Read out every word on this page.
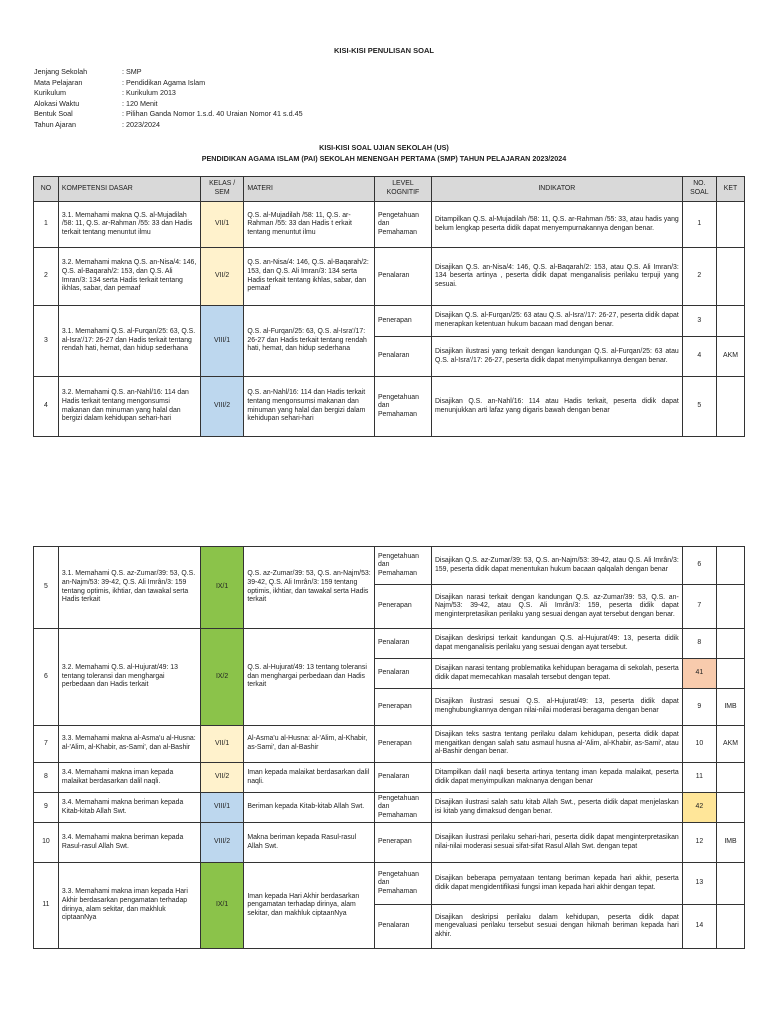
KISI-KISI PENULISAN SOAL
Jenjang Sekolah	: SMP
Mata Pelajaran	: Pendidikan Agama Islam
Kurikulum	: Kurikulum 2013
Alokasi Waktu	: 120 Menit
Bentuk Soal	: Pilihan Ganda Nomor 1.s.d. 40 Uraian Nomor 41 s.d.45
Tahun Ajaran	: 2023/2024
KISI-KISI SOAL UJIAN SEKOLAH (US)
PENDIDIKAN AGAMA ISLAM (PAI) SEKOLAH MENENGAH PERTAMA (SMP) TAHUN PELAJARAN 2023/2024
NO	KOMPETENSI DASAR	KELAS / SEM	MATERI	LEVEL KOGNITIF	INDIKATOR	NO. SOAL	KET
1	3.1. Memahami makna Q.S. al-Mujadilah /58: 11, Q.S. ar-Rahman /55: 33 dan Hadis terkait tentang menuntut ilmu	VII/1	Q.S. al-Mujadilah /58: 11, Q.S. ar-Rahman /55: 33 dan Hadis t erkait tentang menuntut ilmu	Pengetahuan dan Pemahaman	Ditampilkan Q.S. al-Mujadilah /58: 11, Q.S. ar-Rahman /55: 33, atau hadis yang belum lengkap peserta didik dapat menyempurnakannya dengan benar.	1	
2	3.2. Memahami makna Q.S. an-Nisa/4: 146, Q.S. al-Baqarah/2: 153, dan Q.S. Ali Imran/3: 134 serta Hadis terkait tentang ikhlas, sabar, dan pemaaf	VII/2	Q.S. an-Nisa/4: 146, Q.S. al-Baqarah/2: 153, dan Q.S. Ali Imran/3: 134 serta Hadis terkait tentang ikhlas, sabar, dan pemaaf	Penalaran	Disajikan Q.S. an-Nisa/4: 146, Q.S. al-Baqarah/2: 153, atau Q.S. Ali Imran/3: 134 beserta artinya , peserta didik dapat menganalisis perilaku terpuji yang sesuai.	2	
3	3.1. Memahami Q.S. al-Furqan/25: 63, Q.S. al-Isra'/17: 26-27 dan Hadis terkait tentang rendah hati, hemat, dan hidup sederhana	VIII/1	Q.S. al-Furqan/25: 63, Q.S. al-Isra'/17: 26-27 dan Hadis terkait tentang rendah hati, hemat, dan hidup sederhana	Penerapan	Disajikan Q.S. al-Furqan/25: 63 atau Q.S. al-Isra'/17: 26-27, peserta didik dapat menerapkan ketentuan hukum bacaan mad dengan benar.	3	
				Penalaran	Disajikan ilustrasi yang terkait dengan kandungan Q.S. al-Furqan/25: 63 atau Q.S. al-Isra'/17: 26-27, peserta didik dapat menyimpulkannya dengan benar.	4	AKM
4	3.2. Memahami Q.S. an-Nahl/16: 114 dan Hadis terkait tentang mengonsumsi makanan dan minuman yang halal dan bergizi dalam kehidupan sehari-hari	VIII/2	Q.S. an-Nahl/16: 114 dan Hadis terkait tentang mengonsumsi makanan dan minuman yang halal dan bergizi dalam kehidupan sehari-hari	Pengetahuan dan Pemahaman	Disajikan Q.S. an-Nahl/16: 114 atau Hadis terkait, peserta didik dapat menunjukkan arti lafaz yang digaris bawah dengan benar	5	
5	3.1. Memahami Q.S. az-Zumar/39: 53, Q.S. an-Najm/53: 39-42, Q.S. Ali Imrân/3: 159 tentang optimis, ikhtiar, dan tawakal serta Hadis terkait	IX/1	Q.S. az-Zumar/39: 53, Q.S. an-Najm/53: 39-42, Q.S. Ali Imrân/3: 159 tentang optimis, ikhtiar, dan tawakal serta Hadis terkait	Pengetahuan dan Pemahaman	Disajikan Q.S. az-Zumar/39: 53, Q.S. an-Najm/53: 39-42, atau Q.S. Ali Imrân/3: 159, peserta didik dapat menentukan hukum bacaan qalqalah dengan benar	6	
				Penerapan	Disajikan narasi terkait dengan kandungan Q.S. az-Zumar/39: 53, Q.S. an-Najm/53: 39-42, atau Q.S. Ali Imrân/3: 159, peserta didik dapat menginterpretasikan perilaku yang sesuai dengan ayat tersebut dengan benar.	7	
6	3.2. Memahami Q.S. al-Hujurat/49: 13 tentang toleransi dan menghargai perbedaan dan Hadis terkait	IX/2	Q.S. al-Hujurat/49: 13 tentang toleransi dan menghargai perbedaan dan Hadis terkait	Penalaran	Disajikan deskripsi terkait kandungan Q.S. al-Hujurat/49: 13, peserta didik dapat menganalisis perilaku yang sesuai dengan ayat tersebut.	8	
				Penalaran	Disajikan narasi tentang problematika kehidupan beragama di sekolah, peserta didik dapat memecahkan masalah tersebut dengan tepat.	41	
				Penerapan	Disajikan ilustrasi sesuai Q.S. al-Hujurat/49: 13, peserta didik dapat menghubungkannya dengan nilai-nilai moderasi beragama dengan benar	9	IMB
7	3.3. Memahami makna al-Asma'u al-Husna: al-'Alim, al-Khabir, as-Sami', dan al-Bashir	VII/1	Al-Asma'u al-Husna: al-'Alim, al-Khabir, as-Sami', dan al-Bashir	Penerapan	Disajikan teks sastra tentang perilaku dalam kehidupan, peserta didik dapat mengaitkan dengan salah satu asmaul husna al-'Alim, al-Khabir, as-Sami', atau al-Bashir dengan benar.	10	AKM
8	3.4. Memahami makna iman kepada malaikat berdasarkan dalil naqli.	VII/2	Iman kepada malaikat berdasarkan dalil naqli.	Penalaran	Ditampilkan dalil naqli beserta artinya tentang iman kepada malaikat, peserta didik dapat menyimpulkan maknanya dengan benar	11	
9	3.4. Memahami makna beriman kepada Kitab-kitab Allah Swt.	VIII/1	Beriman kepada Kitab-kitab Allah Swt.	Pengetahuan dan Pemahaman	Disajikan ilustrasi salah satu kitab Allah Swt., peserta didik dapat menjelaskan isi kitab yang dimaksud dengan benar.	42	
10	3.4. Memahami makna beriman kepada Rasul-rasul Allah Swt.	VIII/2	Makna beriman kepada Rasul-rasul Allah Swt.	Penerapan	Disajikan ilustrasi perilaku sehari-hari, peserta didik dapat menginterpretasikan nilai-nilai moderasi sesuai sifat-sifat Rasul Allah Swt. dengan tepat	12	IMB
11	3.3. Memahami makna iman kepada Hari Akhir berdasarkan pengamatan terhadap dirinya, alam sekitar, dan makhluk ciptaanNya	IX/1	Iman kepada Hari Akhir berdasarkan pengamatan terhadap dirinya, alam sekitar, dan makhluk ciptaanNya	Pengetahuan dan Pemahaman	Disajikan beberapa pernyataan tentang beriman kepada hari akhir, peserta didik dapat mengidentifikasi fungsi iman kepada hari akhir dengan tepat.	13	
				Penalaran	Disajikan deskripsi perilaku dalam kehidupan, peserta didik dapat mengevaluasi perilaku tersebut sesuai dengan hikmah beriman kepada hari akhir.	14	
